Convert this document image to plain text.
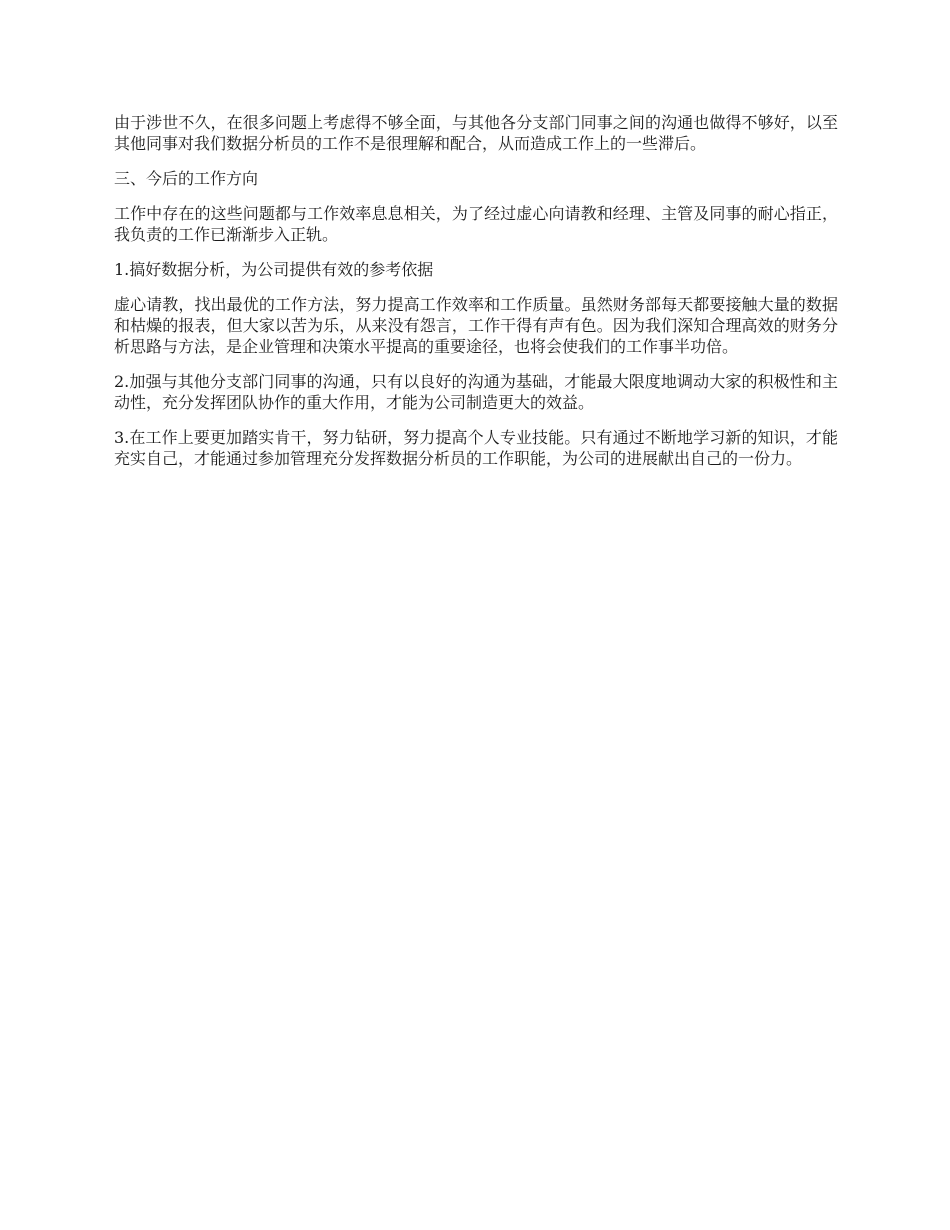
由于涉世不久，在很多问题上考虑得不够全面，与其他各分支部门同事之间的沟通也做得不够好，以至其他同事对我们数据分析员的工作不是很理解和配合，从而造成工作上的一些滞后。

三、今后的工作方向

工作中存在的这些问题都与工作效率息息相关，为了经过虚心向请教和经理、主管及同事的耐心指正，我负责的工作已渐渐步入正轨。

1.搞好数据分析，为公司提供有效的参考依据

虚心请教，找出最优的工作方法，努力提高工作效率和工作质量。虽然财务部每天都要接触大量的数据和枯燥的报表，但大家以苦为乐，从来没有怨言，工作干得有声有色。因为我们深知合理高效的财务分析思路与方法，是企业管理和决策水平提高的重要途径，也将会使我们的工作事半功倍。

2.加强与其他分支部门同事的沟通，只有以良好的沟通为基础，才能最大限度地调动大家的积极性和主动性，充分发挥团队协作的重大作用，才能为公司制造更大的效益。

3.在工作上要更加踏实肯干，努力钻研，努力提高个人专业技能。只有通过不断地学习新的知识，才能充实自己，才能通过参加管理充分发挥数据分析员的工作职能，为公司的进展献出自己的一份力。
